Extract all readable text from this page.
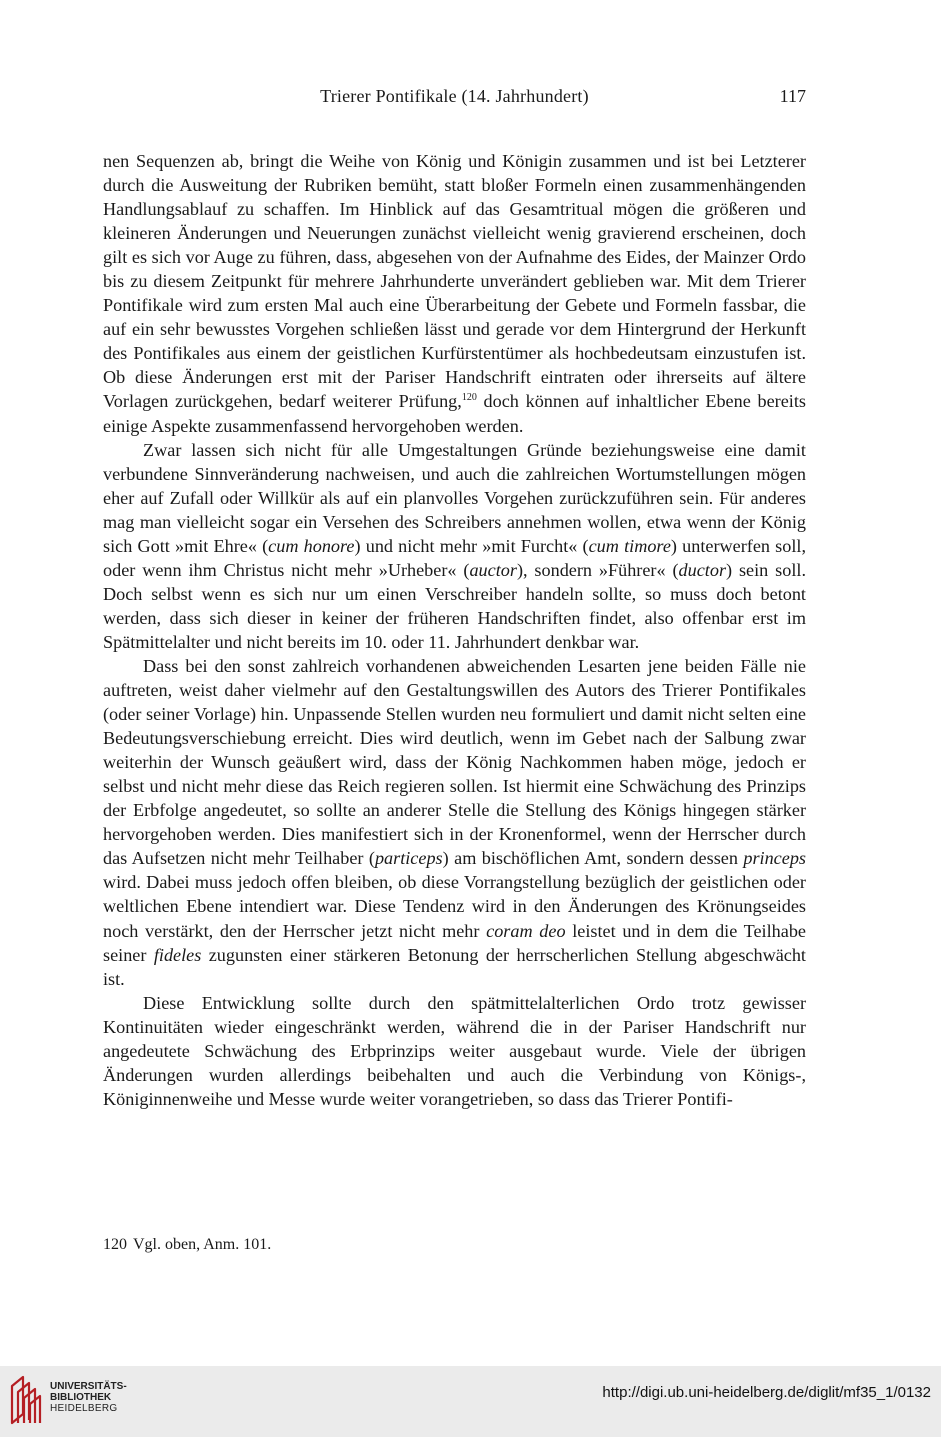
Trierer Pontifikale (14. Jahrhundert)	117

nen Sequenzen ab, bringt die Weihe von König und Königin zusammen und ist bei Letzterer durch die Ausweitung der Rubriken bemüht, statt bloßer Formeln einen zusammenhängenden Handlungsablauf zu schaffen. Im Hinblick auf das Gesamtritual mögen die größeren und kleineren Änderungen und Neuerungen zunächst vielleicht wenig gravierend erscheinen, doch gilt es sich vor Auge zu führen, dass, abgesehen von der Aufnahme des Eides, der Mainzer Ordo bis zu diesem Zeitpunkt für mehrere Jahrhunderte unverändert geblieben war. Mit dem Trierer Pontifikale wird zum ersten Mal auch eine Überarbeitung der Gebete und Formeln fassbar, die auf ein sehr bewusstes Vorgehen schließen lässt und gerade vor dem Hintergrund der Herkunft des Pontifikales aus einem der geistlichen Kurfürstentümer als hochbedeutsam einzustufen ist. Ob diese Änderungen erst mit der Pariser Handschrift eintraten oder ihrerseits auf ältere Vorlagen zurückgehen, bedarf weiterer Prüfung,$^{120}$ doch können auf inhaltlicher Ebene bereits einige Aspekte zusammenfassend hervorgehoben werden.

Zwar lassen sich nicht für alle Umgestaltungen Gründe beziehungsweise eine damit verbundene Sinnveränderung nachweisen, und auch die zahlreichen Wortumstellungen mögen eher auf Zufall oder Willkür als auf ein planvolles Vorgehen zurückzuführen sein. Für anderes mag man vielleicht sogar ein Versehen des Schreibers annehmen wollen, etwa wenn der König sich Gott »mit Ehre« (cum honore) und nicht mehr »mit Furcht« (cum timore) unterwerfen soll, oder wenn ihm Christus nicht mehr »Urheber« (auctor), sondern »Führer« (ductor) sein soll. Doch selbst wenn es sich nur um einen Verschreiber handeln sollte, so muss doch betont werden, dass sich dieser in keiner der früheren Handschriften findet, also offenbar erst im Spätmittelalter und nicht bereits im 10. oder 11. Jahrhundert denkbar war.

Dass bei den sonst zahlreich vorhandenen abweichenden Lesarten jene beiden Fälle nie auftreten, weist daher vielmehr auf den Gestaltungswillen des Autors des Trierer Pontifikales (oder seiner Vorlage) hin. Unpassende Stellen wurden neu formuliert und damit nicht selten eine Bedeutungsverschiebung erreicht. Dies wird deutlich, wenn im Gebet nach der Salbung zwar weiterhin der Wunsch geäußert wird, dass der König Nachkommen haben möge, jedoch er selbst und nicht mehr diese das Reich regieren sollen. Ist hiermit eine Schwächung des Prinzips der Erbfolge angedeutet, so sollte an anderer Stelle die Stellung des Königs hingegen stärker hervorgehoben werden. Dies manifestiert sich in der Kronenformel, wenn der Herrscher durch das Aufsetzen nicht mehr Teilhaber (particeps) am bischöflichen Amt, sondern dessen princeps wird. Dabei muss jedoch offen bleiben, ob diese Vorrangstellung bezüglich der geistlichen oder weltlichen Ebene intendiert war. Diese Tendenz wird in den Änderungen des Krönungseides noch verstärkt, den der Herrscher jetzt nicht mehr coram deo leistet und in dem die Teilhabe seiner fideles zugunsten einer stärkeren Betonung der herrscherlichen Stellung abgeschwächt ist.

Diese Entwicklung sollte durch den spätmittelalterlichen Ordo trotz gewisser Kontinuitäten wieder eingeschränkt werden, während die in der Pariser Handschrift nur angedeutete Schwächung des Erbprinzips weiter ausgebaut wurde. Viele der übrigen Änderungen wurden allerdings beibehalten und auch die Verbindung von Königs-, Königinnenweihe und Messe wurde weiter vorangetrieben, so dass das Trierer Pontifi-

120 Vgl. oben, Anm. 101.
UNIVERSITÄTS-
BIBLIOTHEK
HEIDELBERG
http://digi.ub.uni-heidelberg.de/diglit/mf35_1/0132
